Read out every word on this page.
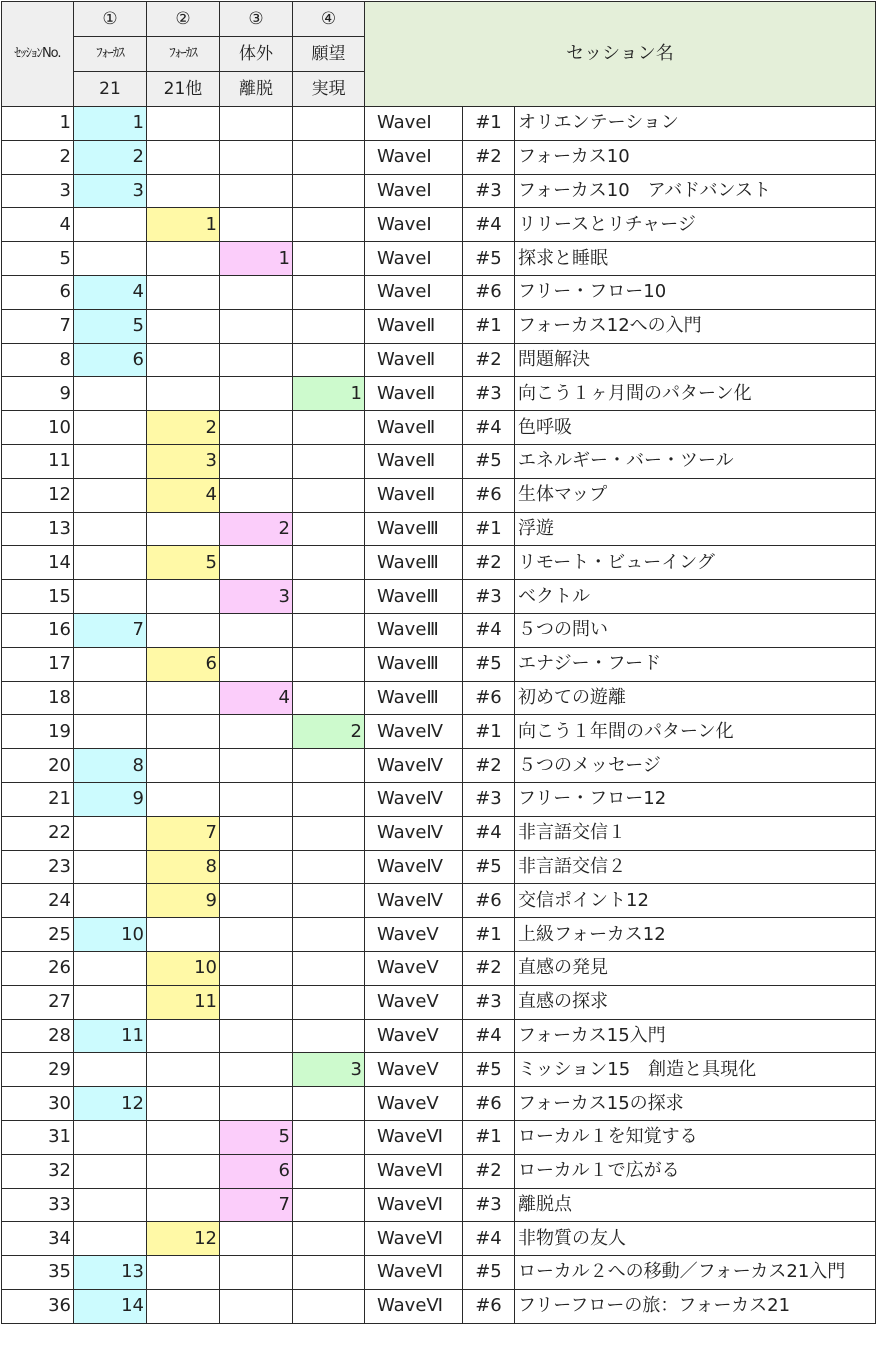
ｾｯｼｮﾝNo.	①	②	③	④	セッション名		
	ﾌｫｰｶｽ	ﾌｫｰｶｽ	体外	願望			
	21	21他	離脱	実現			
1	1				WaveⅠ	#1	オリエンテーション
2	2				WaveⅠ	#2	フォーカス10
3	3				WaveⅠ	#3	フォーカス10　アバドバンスト
4		1			WaveⅠ	#4	リリースとリチャージ
5			1		WaveⅠ	#5	探求と睡眠
6	4				WaveⅠ	#6	フリー・フロー10
7	5				WaveⅡ	#1	フォーカス12への入門
8	6				WaveⅡ	#2	問題解決
9				1	WaveⅡ	#3	向こう１ヶ月間のパターン化
10		2			WaveⅡ	#4	色呼吸
11		3			WaveⅡ	#5	エネルギー・バー・ツール
12		4			WaveⅡ	#6	生体マップ
13			2		WaveⅢ	#1	浮遊
14		5			WaveⅢ	#2	リモート・ビューイング
15			3		WaveⅢ	#3	ベクトル
16	7				WaveⅢ	#4	５つの問い
17		6			WaveⅢ	#5	エナジー・フード
18			4		WaveⅢ	#6	初めての遊離
19				2	WaveⅣ	#1	向こう１年間のパターン化
20	8				WaveⅣ	#2	５つのメッセージ
21	9				WaveⅣ	#3	フリー・フロー12
22		7			WaveⅣ	#4	非言語交信１
23		8			WaveⅣ	#5	非言語交信２
24		9			WaveⅣ	#6	交信ポイント12
25	10				WaveⅤ	#1	上級フォーカス12
26		10			WaveⅤ	#2	直感の発見
27		11			WaveⅤ	#3	直感の探求
28	11				WaveⅤ	#4	フォーカス15入門
29				3	WaveⅤ	#5	ミッション15　創造と具現化
30	12				WaveⅤ	#6	フォーカス15の探求
31			5		WaveⅥ	#1	ローカル１を知覚する
32			6		WaveⅥ	#2	ローカル１で広がる
33			7		WaveⅥ	#3	離脱点
34		12			WaveⅥ	#4	非物質の友人
35	13				WaveⅥ	#5	ローカル２への移動／フォーカス21入門
36	14				WaveⅥ	#6	フリーフローの旅：フォーカス21
